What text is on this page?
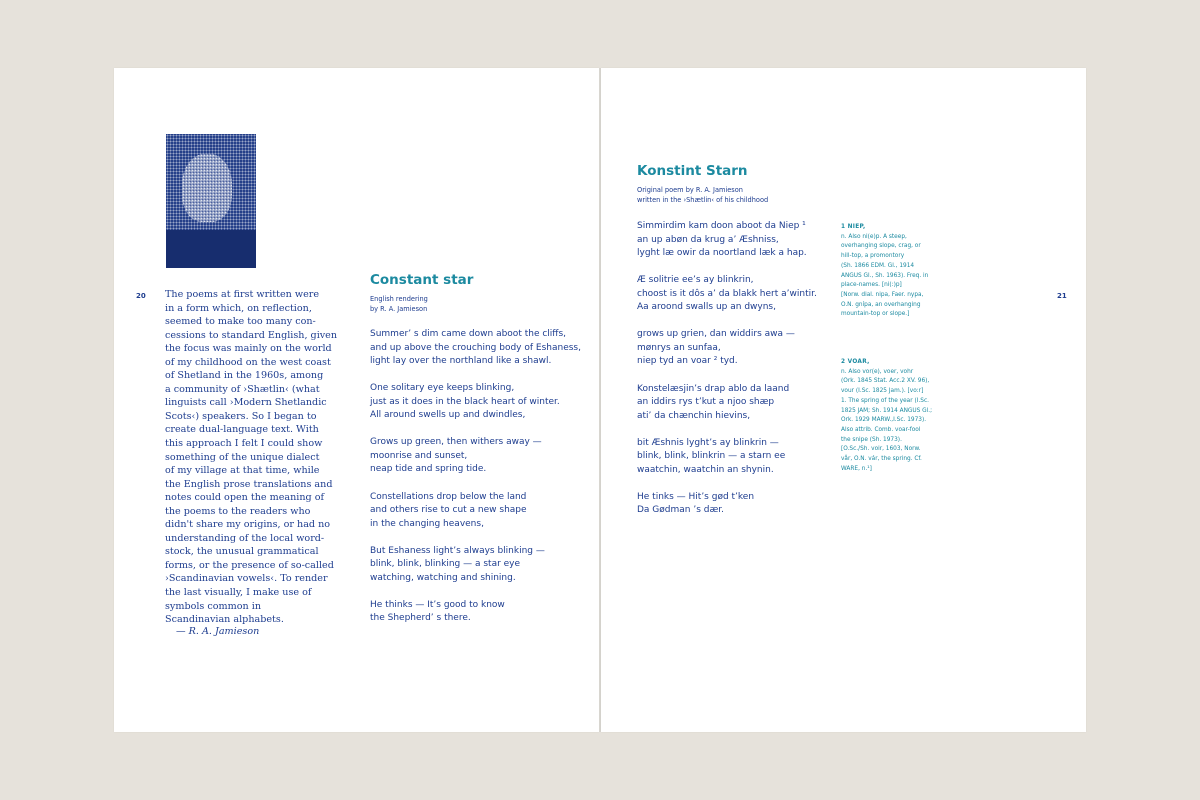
20 The poems at first written were
in a form which, on reflection,
seemed to make too many con-
cessions to standard English, given
the focus was mainly on the world
of my childhood on the west coast
of Shetland in the 1960s, among
a community of ›Shætlin‹ (what
linguists call ›Modern Shetlandic
Scots‹) speakers. So I began to
create dual-language text. With
this approach I felt I could show
something of the unique dialect
of my village at that time, while
the English prose translations and
notes could open the meaning of
the poems to the readers who
didn't share my origins, or had no
understanding of the local word-
stock, the unusual grammatical
forms, or the presence of so-called
›Scandinavian vowels‹. To render
the last visually, I make use of
symbols common in
Scandinavian alphabets.
— R. A. Jamieson
Constant star
English rendering
by R. A. Jamieson
Summer’ s dim came down aboot the cliffs,
and up above the crouching body of Eshaness,
light lay over the northland like a shawl.
One solitary eye keeps blinking,
just as it does in the black heart of winter.
All around swells up and dwindles,
Grows up green, then withers away —
moonrise and sunset,
neap tide and spring tide.
Constellations drop below the land
and others rise to cut a new shape
in the changing heavens,
But Eshaness light’s always blinking —
blink, blink, blinking — a star eye
watching, watching and shining.
He thinks — It’s good to know
the Shepherd’ s there.
Konstint Starn
Original poem by R. A. Jamieson
written in the ›Shætlin‹ of his childhood
Simmirdim kam doon aboot da Niep ¹
an up abøn da krug a’ Æshniss,
lyght læ owir da noortland læk a hap.
Æ solitrie ee’s ay blinkrin,
choost is it dôs a’ da blakk hert a’wintir.
Aa aroond swalls up an dwyns,
grows up grien, dan widdirs awa —
mønrys an sunfaa,
niep tyd an voar ² tyd.
Konstelæsjin’s drap ablo da laand
an iddirs rys t’kut a njoo shæp
ati’ da chænchin hievins,
bit Æshnis lyght’s ay blinkrin —
blink, blink, blinkrin — a starn ee
waatchin, waatchin an shynin.
He tinks — Hit’s gød t’ken
Da Gødman ’s dær.
1 NIEP,
n. Also ni(e)p. A steep,
overhanging slope, crag, or
hill-top, a promontory
(Sh. 1866 EDM. Gl., 1914
ANGUS Gl., Sh. 1963). Freq. in
place-names. [ni(:)p]
[Norw. dial. nipa, Faer. nypa,
O.N. gnípa, an overhanging
mountain-top or slope.]
2 VOAR,
n. Also vor(e), voer, vohr
(Ork. 1845 Stat. Acc.2 XV. 96),
vour (I.Sc. 1825 Jam.). [vo:r]
1. The spring of the year (I.Sc.
1825 JAM; Sh. 1914 ANGUS Gl.;
Ork. 1929 MARW.,I.Sc. 1973).
Also attrib. Comb. voar-fool
the snipe (Sh. 1973).
[O.Sc./Sh. voir, 1603, Norw.
vår, O.N. vár, the spring. Cf.
WARE, n.¹]
21
